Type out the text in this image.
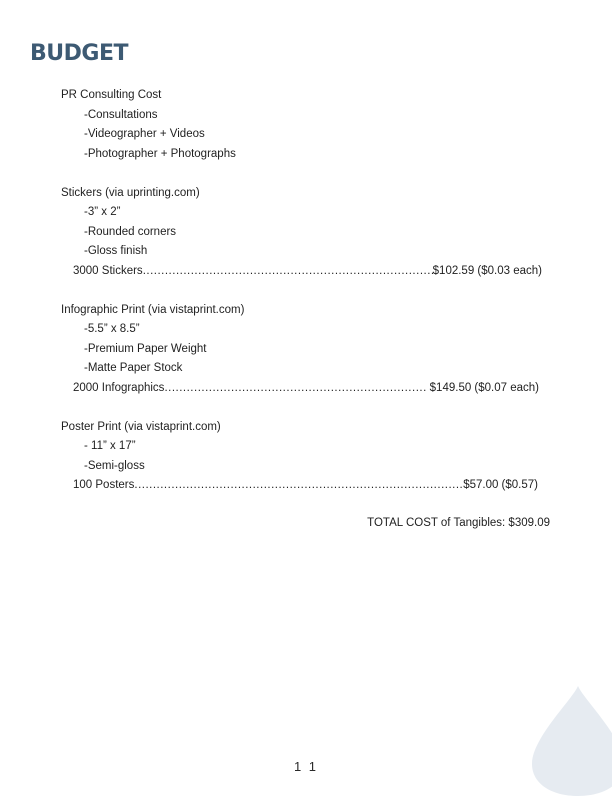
BUDGET
PR Consulting Cost
-Consultations
-Videographer + Videos
-Photographer + Photographs
Stickers (via uprinting.com)
-3” x 2”
-Rounded corners
-Gloss finish
3000 Stickers .....	$102.59 ($0.03 each)
Infographic Print (via vistaprint.com)
-5.5” x 8.5”
-Premium Paper Weight
-Matte Paper Stock
2000 Infographics .....	$149.50 ($0.07 each)
Poster Print (via vistaprint.com)
- 11” x 17”
-Semi-gloss
100 Posters .....	$57.00 ($0.57)
TOTAL COST of Tangibles: $309.09
1 1
